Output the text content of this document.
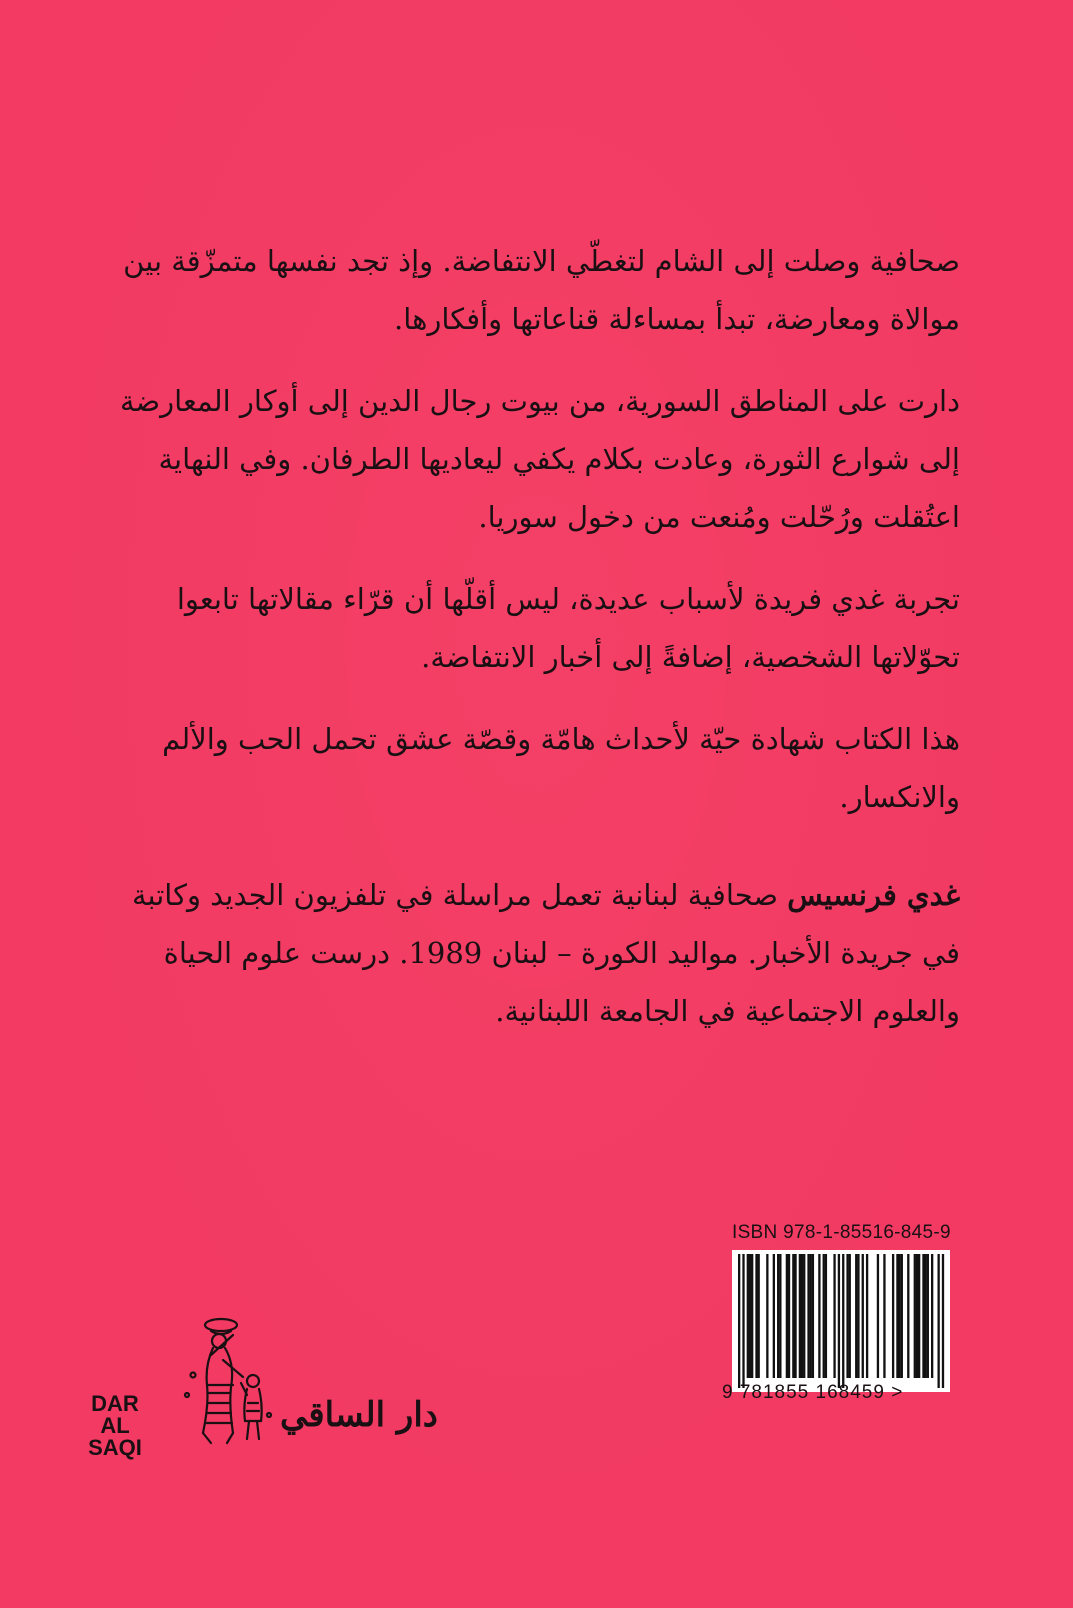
صحافية وصلت إلى الشام لتغطّي الانتفاضة. وإذ تجد نفسها متمزّقة بين موالاة ومعارضة، تبدأ بمساءلة قناعاتها وأفكارها.

دارت على المناطق السورية، من بيوت رجال الدين إلى أوكار المعارضة إلى شوارع الثورة، وعادت بكلام يكفي ليعاديها الطرفان. وفي النهاية اعتُقلت ورُحّلت ومُنعت من دخول سوريا.

تجربة غدي فريدة لأسباب عديدة، ليس أقلّها أن قرّاء مقالاتها تابعوا تحوّلاتها الشخصية، إضافةً إلى أخبار الانتفاضة.

هذا الكتاب شهادة حيّة لأحداث هامّة وقصّة عشق تحمل الحب والألم والانكسار.

غدي فرنسيس صحافية لبنانية تعمل مراسلة في تلفزيون الجديد وكاتبة في جريدة الأخبار. مواليد الكورة – لبنان 1989. درست علوم الحياة والعلوم الاجتماعية في الجامعة اللبنانية.

ISBN 978-1-85516-845-9
9 781855 168459 >
DAR
AL SAQI
دار الساقي
